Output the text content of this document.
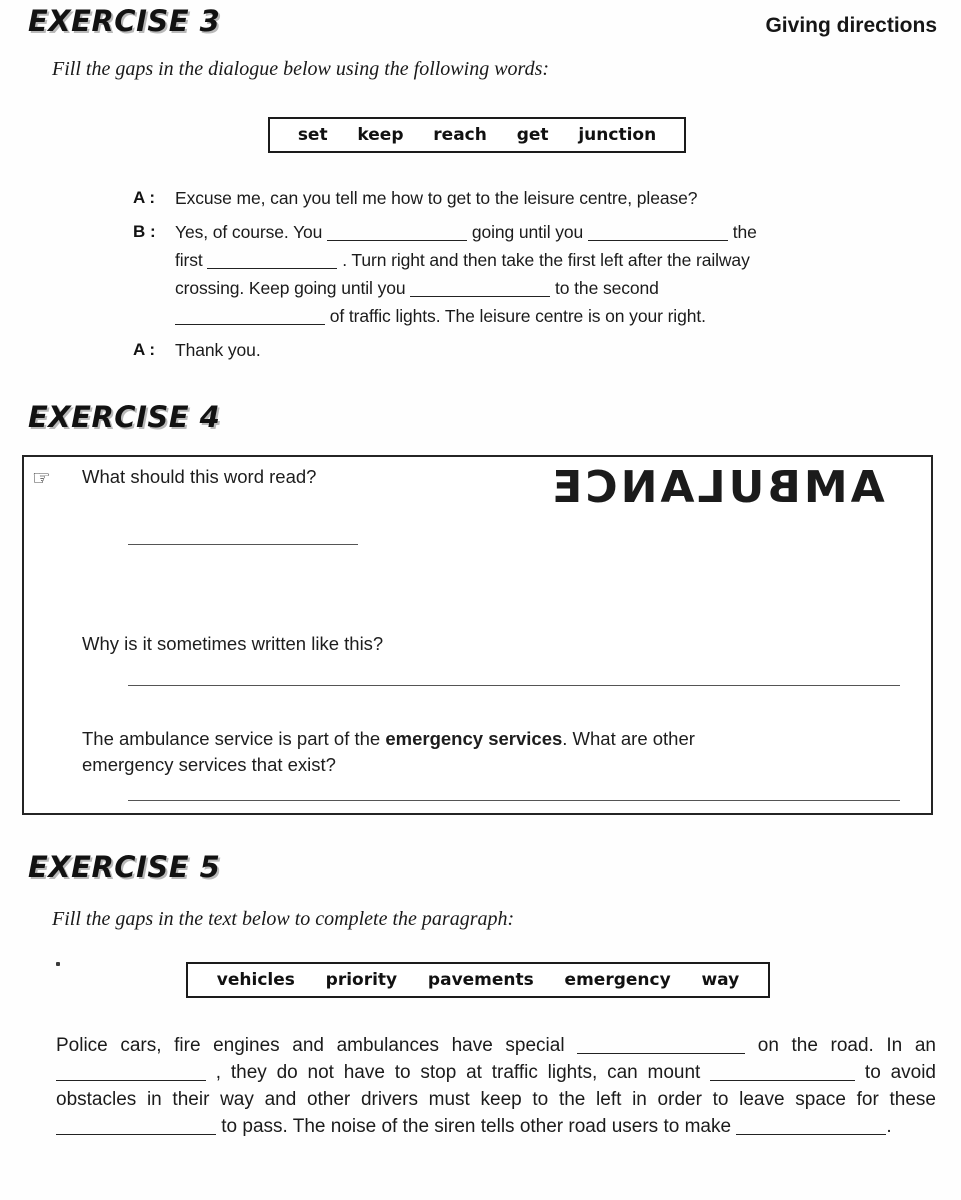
EXERCISE 3	Giving directions
Fill the gaps in the dialogue below using the following words:
set keep reach get junction
A : Excuse me, can you tell me how to get to the leisure centre, please?
B : Yes, of course. You	going until you	the
first	. Turn right and then take the first left after the railway
crossing. Keep going until you	to the second
of traffic lights. The leisure centre is on your right.
A : Thank you.
EXERCISE 4
☞ What should this word read?	AMBULANCE
Why is it sometimes written like this?
The ambulance service is part of the emergency services. What are other
emergency services that exist?
EXERCISE 5
Fill the gaps in the text below to complete the paragraph:
vehicles priority pavements emergency way
Police cars, fire engines and ambulances have special	on the road. In an  , they do not have to stop at traffic lights, can mount	to avoid obstacles in their way and other drivers must keep to the left in order to leave space for these  to pass. The noise of the siren tells other road users to make	.
